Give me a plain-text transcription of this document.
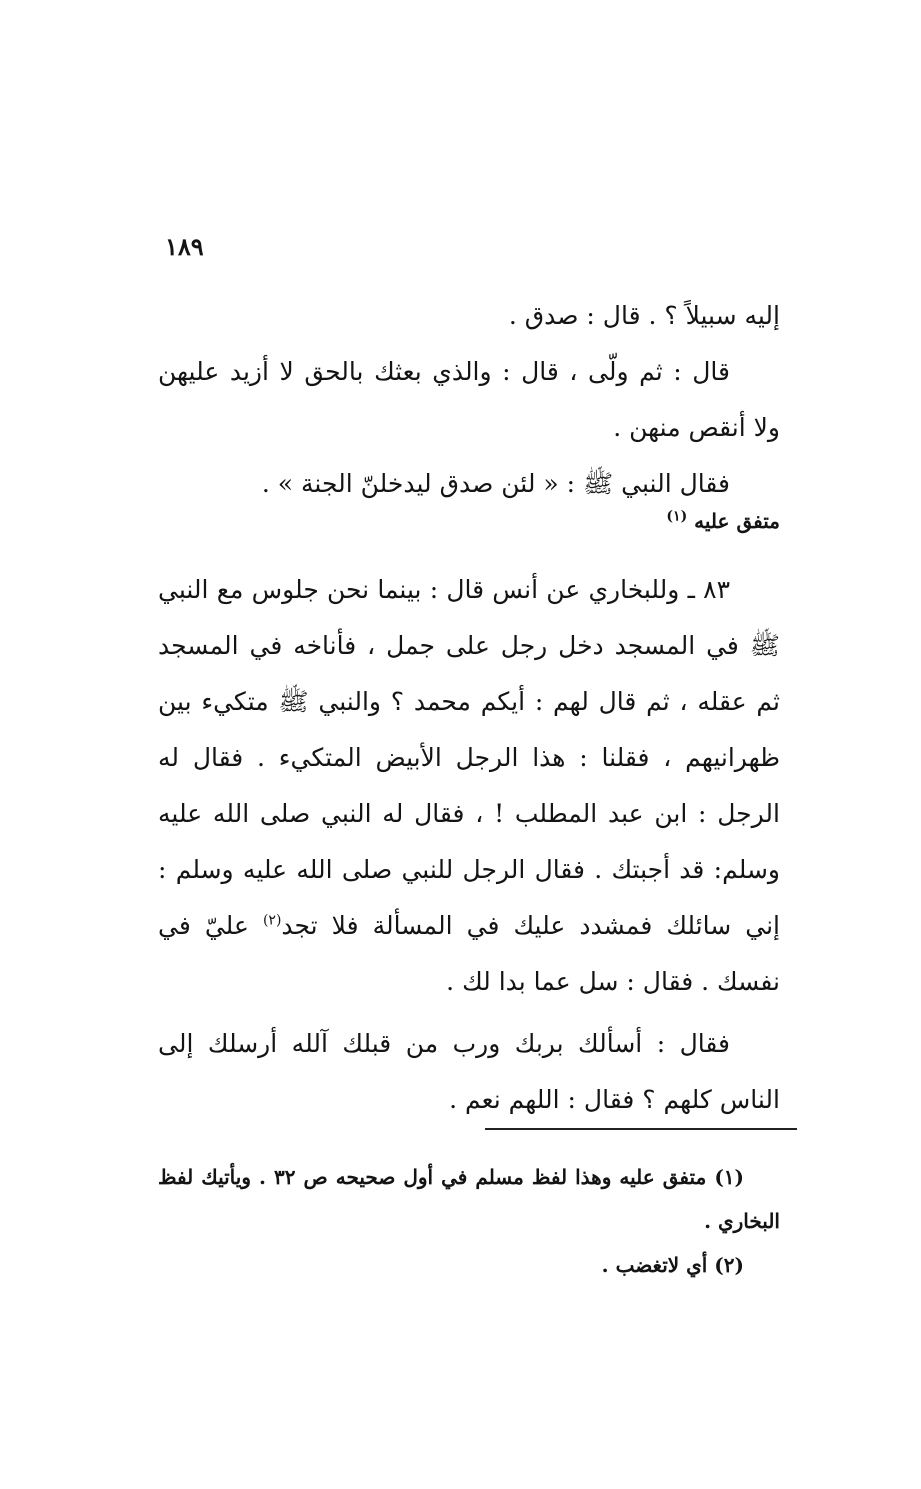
١٨٩

إليه سبيلاً ؟ . قال : صدق .

قال : ثم ولّى ، قال : والذي بعثك بالحق لا أزيد عليهن ولا أنقص منهن .

فقال النبي ﷺ : « لئن صدق ليدخلنّ الجنة » .

متفق عليه $^{(١)}$

٨٣ ـ وللبخاري عن أنس قال : بينما نحن جلوس مع النبي ﷺ في المسجد دخل رجل على جمل ، فأناخه في المسجد ثم عقله ، ثم قال لهم : أيكم محمد ؟ والنبي ﷺ متكيء بين ظهرانيهم ، فقلنا : هذا الرجل الأبيض المتكيء . فقال له الرجل : ابن عبد المطلب ! ، فقال له النبي صلى الله عليه وسلم: قد أجبتك . فقال الرجل للنبي صلى الله عليه وسلم : إني سائلك فمشدد عليك في المسألة فلا تجد$^{(٢)}$ عليّ في نفسك . فقال : سل عما بدا لك .

فقال : أسألك بربك ورب من قبلك آلله أرسلك إلى الناس كلهم ؟ فقال : اللهم نعم .

(١) متفق عليه وهذا لفظ مسلم في أول صحيحه ص ٣٢ . ويأتيك لفظ البخاري .

(٢) أي لاتغضب .
